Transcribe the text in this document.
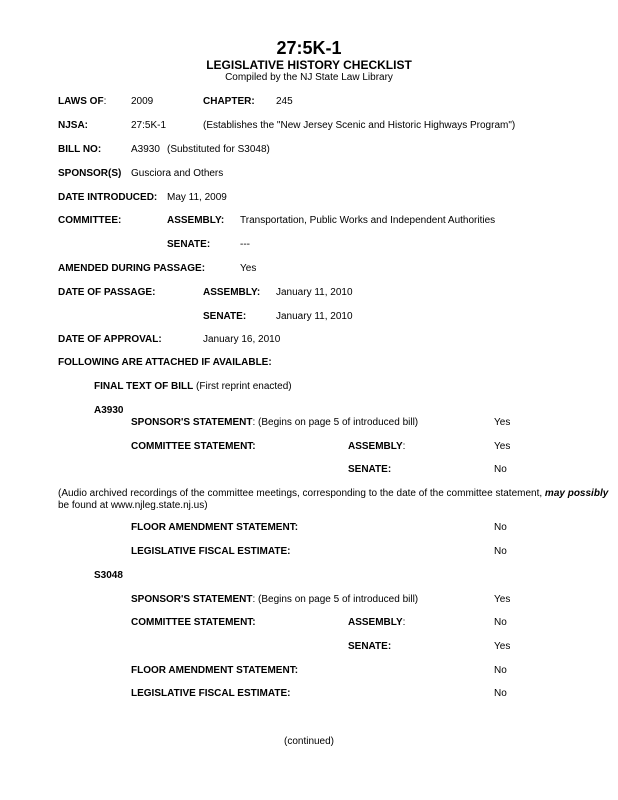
27:5K-1
LEGISLATIVE HISTORY CHECKLIST
Compiled by the NJ State Law Library
LAWS OF: 2009	CHAPTER: 245
NJSA:	27:5K-1	(Establishes the "New Jersey Scenic and Historic Highways Program")
BILL NO:	A3930 (Substituted for S3048)
SPONSOR(S) Gusciora and Others
DATE INTRODUCED: May 11, 2009
COMMITTEE:	ASSEMBLY: Transportation, Public Works and Independent Authorities
SENATE:	---
AMENDED DURING PASSAGE:	Yes
DATE OF PASSAGE:	ASSEMBLY: January 11, 2010
SENATE:	January 11, 2010
DATE OF APPROVAL:	January 16, 2010
FOLLOWING ARE ATTACHED IF AVAILABLE:
FINAL TEXT OF BILL (First reprint enacted)
A3930
SPONSOR'S STATEMENT: (Begins on page 5 of introduced bill)	Yes
COMMITTEE STATEMENT:	ASSEMBLY:	Yes
SENATE:	No
(Audio archived recordings of the committee meetings, corresponding to the date of the committee statement, may possibly
be found at www.njleg.state.nj.us)
FLOOR AMENDMENT STATEMENT:	No
LEGISLATIVE FISCAL ESTIMATE:	No
S3048
SPONSOR'S STATEMENT: (Begins on page 5 of introduced bill)	Yes
COMMITTEE STATEMENT:	ASSEMBLY:	No
SENATE:	Yes
FLOOR AMENDMENT STATEMENT:	No
LEGISLATIVE FISCAL ESTIMATE:	No
(continued)
